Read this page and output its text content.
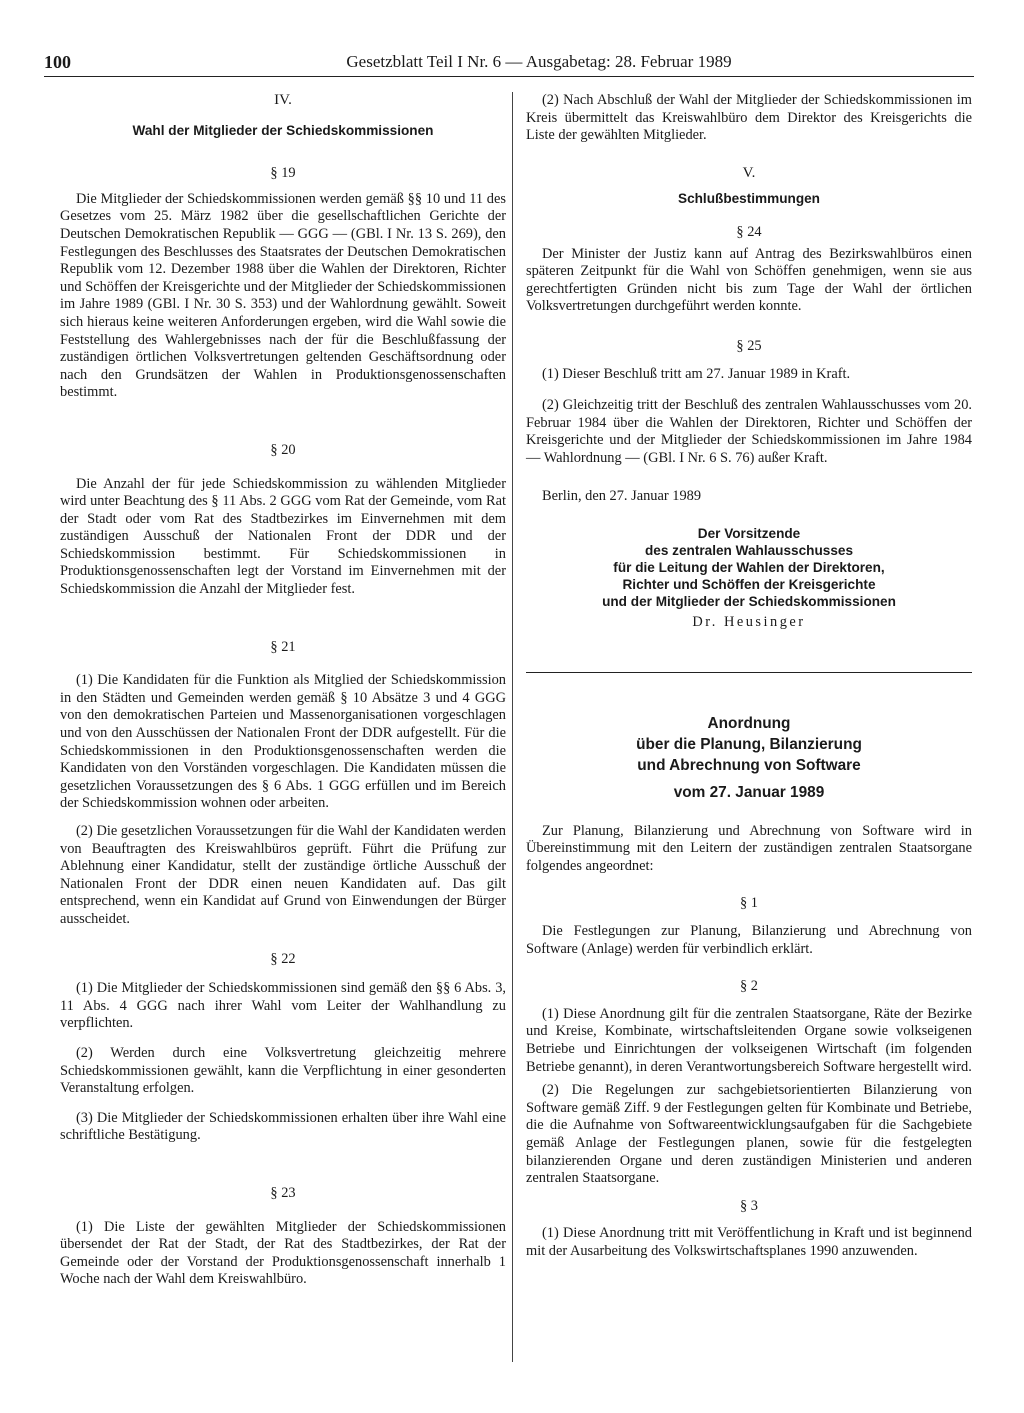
100	Gesetzblatt Teil I Nr. 6 — Ausgabetag: 28. Februar 1989

IV.

Wahl der Mitglieder der Schiedskommissionen

§ 19

Die Mitglieder der Schiedskommissionen werden gemäß §§ 10 und 11 des Gesetzes vom 25. März 1982 über die gesellschaftlichen Gerichte der Deutschen Demokratischen Republik — GGG — (GBl. I Nr. 13 S. 269), den Festlegungen des Beschlusses des Staatsrates der Deutschen Demokratischen Republik vom 12. Dezember 1988 über die Wahlen der Direktoren, Richter und Schöffen der Kreisgerichte und der Mitglieder der Schiedskommissionen im Jahre 1989 (GBl. I Nr. 30 S. 353) und der Wahlordnung gewählt. Soweit sich hieraus keine weiteren Anforderungen ergeben, wird die Wahl sowie die Feststellung des Wahlergebnisses nach der für die Beschlußfassung der zuständigen örtlichen Volksvertretungen geltenden Geschäftsordnung oder nach den Grundsätzen der Wahlen in Produktionsgenossenschaften bestimmt.

§ 20

Die Anzahl der für jede Schiedskommission zu wählenden Mitglieder wird unter Beachtung des § 11 Abs. 2 GGG vom Rat der Gemeinde, vom Rat der Stadt oder vom Rat des Stadtbezirkes im Einvernehmen mit dem zuständigen Ausschuß der Nationalen Front der DDR und der Schiedskommission bestimmt. Für Schiedskommissionen in Produktionsgenossenschaften legt der Vorstand im Einvernehmen mit der Schiedskommission die Anzahl der Mitglieder fest.

§ 21

(1) Die Kandidaten für die Funktion als Mitglied der Schiedskommission in den Städten und Gemeinden werden gemäß § 10 Absätze 3 und 4 GGG von den demokratischen Parteien und Massenorganisationen vorgeschlagen und von den Ausschüssen der Nationalen Front der DDR aufgestellt. Für die Schiedskommissionen in den Produktionsgenossenschaften werden die Kandidaten von den Vorständen vorgeschlagen. Die Kandidaten müssen die gesetzlichen Voraussetzungen des § 6 Abs. 1 GGG erfüllen und im Bereich der Schiedskommission wohnen oder arbeiten.

(2) Die gesetzlichen Voraussetzungen für die Wahl der Kandidaten werden von Beauftragten des Kreiswahlbüros geprüft. Führt die Prüfung zur Ablehnung einer Kandidatur, stellt der zuständige örtliche Ausschuß der Nationalen Front der DDR einen neuen Kandidaten auf. Das gilt entsprechend, wenn ein Kandidat auf Grund von Einwendungen der Bürger ausscheidet.

§ 22

(1) Die Mitglieder der Schiedskommissionen sind gemäß den §§ 6 Abs. 3, 11 Abs. 4 GGG nach ihrer Wahl vom Leiter der Wahlhandlung zu verpflichten.

(2) Werden durch eine Volksvertretung gleichzeitig mehrere Schiedskommissionen gewählt, kann die Verpflichtung in einer gesonderten Veranstaltung erfolgen.

(3) Die Mitglieder der Schiedskommissionen erhalten über ihre Wahl eine schriftliche Bestätigung.

§ 23

(1) Die Liste der gewählten Mitglieder der Schiedskommissionen übersendet der Rat der Stadt, der Rat des Stadtbezirkes, der Rat der Gemeinde oder der Vorstand der Produktionsgenossenschaft innerhalb 1 Woche nach der Wahl dem Kreiswahlbüro.

(2) Nach Abschluß der Wahl der Mitglieder der Schiedskommissionen im Kreis übermittelt das Kreiswahlbüro dem Direktor des Kreisgerichts die Liste der gewählten Mitglieder.

V.

Schlußbestimmungen

§ 24

Der Minister der Justiz kann auf Antrag des Bezirkswahlbüros einen späteren Zeitpunkt für die Wahl von Schöffen genehmigen, wenn sie aus gerechtfertigten Gründen nicht bis zum Tage der Wahl der örtlichen Volksvertretungen durchgeführt werden konnte.

§ 25

(1) Dieser Beschluß tritt am 27. Januar 1989 in Kraft.

(2) Gleichzeitig tritt der Beschluß des zentralen Wahlausschusses vom 20. Februar 1984 über die Wahlen der Direktoren, Richter und Schöffen der Kreisgerichte und der Mitglieder der Schiedskommissionen im Jahre 1984 — Wahlordnung — (GBl. I Nr. 6 S. 76) außer Kraft.

Berlin, den 27. Januar 1989

Der Vorsitzende

des zentralen Wahlausschusses

für die Leitung der Wahlen der Direktoren,

Richter und Schöffen der Kreisgerichte

und der Mitglieder der Schiedskommissionen

Dr. Heusinger

Anordnung

über die Planung, Bilanzierung

und Abrechnung von Software

vom 27. Januar 1989

Zur Planung, Bilanzierung und Abrechnung von Software wird in Übereinstimmung mit den Leitern der zuständigen zentralen Staatsorgane folgendes angeordnet:

§ 1

Die Festlegungen zur Planung, Bilanzierung und Abrechnung von Software (Anlage) werden für verbindlich erklärt.

§ 2

(1) Diese Anordnung gilt für die zentralen Staatsorgane, Räte der Bezirke und Kreise, Kombinate, wirtschaftsleitenden Organe sowie volkseigenen Betriebe und Einrichtungen der volkseigenen Wirtschaft (im folgenden Betriebe genannt), in deren Verantwortungsbereich Software hergestellt wird.

(2) Die Regelungen zur sachgebietsorientierten Bilanzierung von Software gemäß Ziff. 9 der Festlegungen gelten für Kombinate und Betriebe, die die Aufnahme von Softwareentwicklungsaufgaben für die Sachgebiete gemäß Anlage der Festlegungen planen, sowie für die festgelegten bilanzierenden Organe und deren zuständigen Ministerien und anderen zentralen Staatsorgane.

§ 3

(1) Diese Anordnung tritt mit Veröffentlichung in Kraft und ist beginnend mit der Ausarbeitung des Volkswirtschaftsplanes 1990 anzuwenden.
